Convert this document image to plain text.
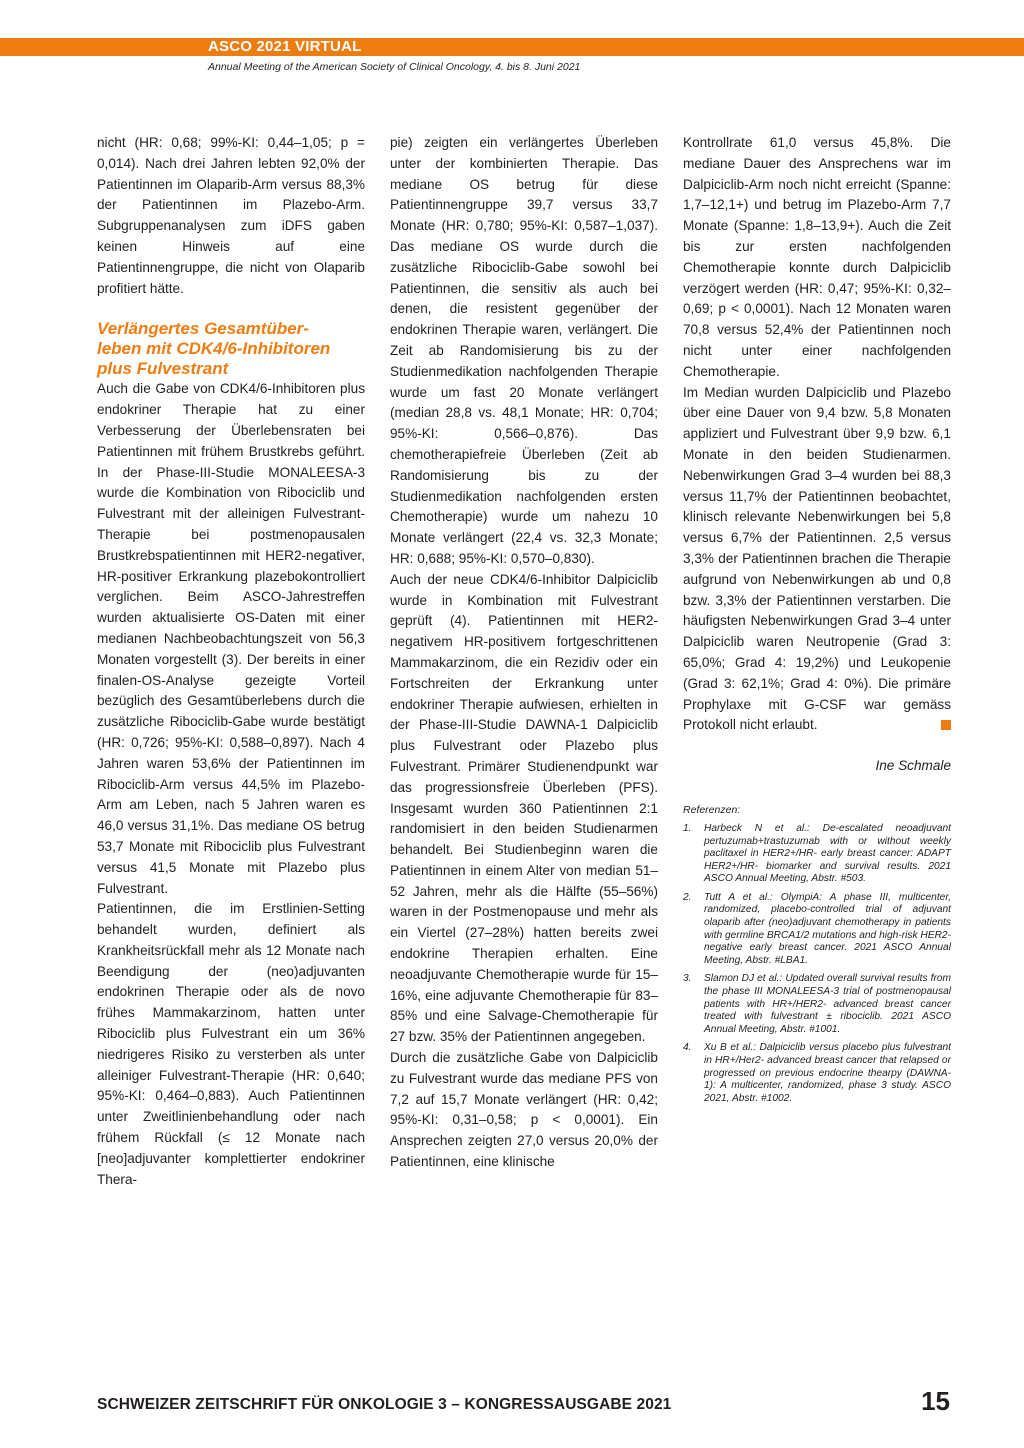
ASCO 2021 VIRTUAL
Annual Meeting of the American Society of Clinical Oncology, 4. bis 8. Juni 2021

nicht (HR: 0,68; 99%-KI: 0,44–1,05; p = 0,014). Nach drei Jahren lebten 92,0% der Patientinnen im Olaparib-Arm versus 88,3% der Patientinnen im Plazebo-Arm. Subgruppenanalysen zum iDFS gaben keinen Hinweis auf eine Patientinnengruppe, die nicht von Olaparib profitiert hätte.

Verlängertes Gesamtüber-
leben mit CDK4/6-Inhibitoren
plus Fulvestrant

Auch die Gabe von CDK4/6-Inhibitoren plus endokriner Therapie hat zu einer Verbesserung der Überlebensraten bei Patientinnen mit frühem Brustkrebs geführt. In der Phase-III-Studie MONALEESA-3 wurde die Kombination von Ribociclib und Fulvestrant mit der alleinigen Fulvestrant-Therapie bei postmenopausalen Brustkrebspatientinnen mit HER2-negativer, HR-positiver Erkrankung plazebokontrolliert verglichen. Beim ASCO-Jahrestreffen wurden aktualisierte OS-Daten mit einer medianen Nachbeobachtungszeit von 56,3 Monaten vorgestellt (3). Der bereits in einer finalen-OS-Analyse gezeigte Vorteil bezüglich des Gesamtüberlebens durch die zusätzliche Ribociclib-Gabe wurde bestätigt (HR: 0,726; 95%-KI: 0,588–0,897). Nach 4 Jahren waren 53,6% der Patientinnen im Ribociclib-Arm versus 44,5% im Plazebo-Arm am Leben, nach 5 Jahren waren es 46,0 versus 31,1%. Das mediane OS betrug 53,7 Monate mit Ribociclib plus Fulvestrant versus 41,5 Monate mit Plazebo plus Fulvestrant.

Patientinnen, die im Erstlinien-Setting behandelt wurden, definiert als Krankheitsrückfall mehr als 12 Monate nach Beendigung der (neo)adjuvanten endokrinen Therapie oder als de novo frühes Mammakarzinom, hatten unter Ribociclib plus Fulvestrant ein um 36% niedrigeres Risiko zu versterben als unter alleiniger Fulvestrant-Therapie (HR: 0,640; 95%-KI: 0,464–0,883). Auch Patientinnen unter Zweitlinienbehandlung oder nach frühem Rückfall (≤ 12 Monate nach [neo]adjuvanter komplettierter endokriner Thera-

pie) zeigten ein verlängertes Überleben unter der kombinierten Therapie. Das mediane OS betrug für diese Patientinnengruppe 39,7 versus 33,7 Monate (HR: 0,780; 95%-KI: 0,587–1,037). Das mediane OS wurde durch die zusätzliche Ribociclib-Gabe sowohl bei Patientinnen, die sensitiv als auch bei denen, die resistent gegenüber der endokrinen Therapie waren, verlängert. Die Zeit ab Randomisierung bis zu der Studienmedikation nachfolgenden Therapie wurde um fast 20 Monate verlängert (median 28,8 vs. 48,1 Monate; HR: 0,704; 95%-KI: 0,566–0,876). Das chemotherapiefreie Überleben (Zeit ab Randomisierung bis zu der Studienmedikation nachfolgenden ersten Chemotherapie) wurde um nahezu 10 Monate verlängert (22,4 vs. 32,3 Monate; HR: 0,688; 95%-KI: 0,570–0,830).

Auch der neue CDK4/6-Inhibitor Dalpiciclib wurde in Kombination mit Fulvestrant geprüft (4). Patientinnen mit HER2-negativem HR-positivem fortgeschrittenen Mammakarzinom, die ein Rezidiv oder ein Fortschreiten der Erkrankung unter endokriner Therapie aufwiesen, erhielten in der Phase-III-Studie DAWNA-1 Dalpiciclib plus Fulvestrant oder Plazebo plus Fulvestrant. Primärer Studienendpunkt war das progressionsfreie Überleben (PFS). Insgesamt wurden 360 Patientinnen 2:1 randomisiert in den beiden Studienarmen behandelt. Bei Studienbeginn waren die Patientinnen in einem Alter von median 51–52 Jahren, mehr als die Hälfte (55–56%) waren in der Postmenopause und mehr als ein Viertel (27–28%) hatten bereits zwei endokrine Therapien erhalten. Eine neoadjuvante Chemotherapie wurde für 15–16%, eine adjuvante Chemotherapie für 83–85% und eine Salvage-Chemotherapie für 27 bzw. 35% der Patientinnen angegeben.

Durch die zusätzliche Gabe von Dalpiciclib zu Fulvestrant wurde das mediane PFS von 7,2 auf 15,7 Monate verlängert (HR: 0,42; 95%-KI: 0,31–0,58; p < 0,0001). Ein Ansprechen zeigten 27,0 versus 20,0% der Patientinnen, eine klinische

Kontrollrate 61,0 versus 45,8%. Die mediane Dauer des Ansprechens war im Dalpiciclib-Arm noch nicht erreicht (Spanne: 1,7–12,1+) und betrug im Plazebo-Arm 7,7 Monate (Spanne: 1,8–13,9+). Auch die Zeit bis zur ersten nachfolgenden Chemotherapie konnte durch Dalpiciclib verzögert werden (HR: 0,47; 95%-KI: 0,32–0,69; p < 0,0001). Nach 12 Monaten waren 70,8 versus 52,4% der Patientinnen noch nicht unter einer nachfolgenden Chemotherapie.

Im Median wurden Dalpiciclib und Plazebo über eine Dauer von 9,4 bzw. 5,8 Monaten appliziert und Fulvestrant über 9,9 bzw. 6,1 Monate in den beiden Studienarmen. Nebenwirkungen Grad 3–4 wurden bei 88,3 versus 11,7% der Patientinnen beobachtet, klinisch relevante Nebenwirkungen bei 5,8 versus 6,7% der Patientinnen. 2,5 versus 3,3% der Patientinnen brachen die Therapie aufgrund von Nebenwirkungen ab und 0,8 bzw. 3,3% der Patientinnen verstarben. Die häufigsten Nebenwirkungen Grad 3–4 unter Dalpiciclib waren Neutropenie (Grad 3: 65,0%; Grad 4: 19,2%) und Leukopenie (Grad 3: 62,1%; Grad 4: 0%). Die primäre Prophylaxe mit G-CSF war gemäss Protokoll nicht erlaubt.

Ine Schmale
Referenzen:
1. Harbeck N et al.: De-escalated neoadjuvant pertuzumab+trastuzumab with or without weekly paclitaxel in HER2+/HR- early breast cancer: ADAPT HER2+/HR- biomarker and survival results. 2021 ASCO Annual Meeting, Abstr. #503.
2. Tutt A et al.: OlympiA: A phase III, multicenter, randomized, placebo-controlled trial of adjuvant olaparib after (neo)adjuvant chemotherapy in patients with germline BRCA1/2 mutations and high-risk HER2-negative early breast cancer. 2021 ASCO Annual Meeting, Abstr. #LBA1.
3. Slamon DJ et al.: Updated overall survival results from the phase III MONALEESA-3 trial of postmenopausal patients with HR+/HER2- advanced breast cancer treated with fulvestrant ± ribociclib. 2021 ASCO Annual Meeting, Abstr. #1001.
4. Xu B et al.: Dalpiciclib versus placebo plus fulvestrant in HR+/Her2- advanced breast cancer that relapsed or progressed on previous endocrine thearpy (DAWNA-1): A multicenter, randomized, phase 3 study. ASCO 2021, Abstr. #1002.
SCHWEIZER ZEITSCHRIFT FÜR ONKOLOGIE 3 – KONGRESSAUSGABE 2021	15
